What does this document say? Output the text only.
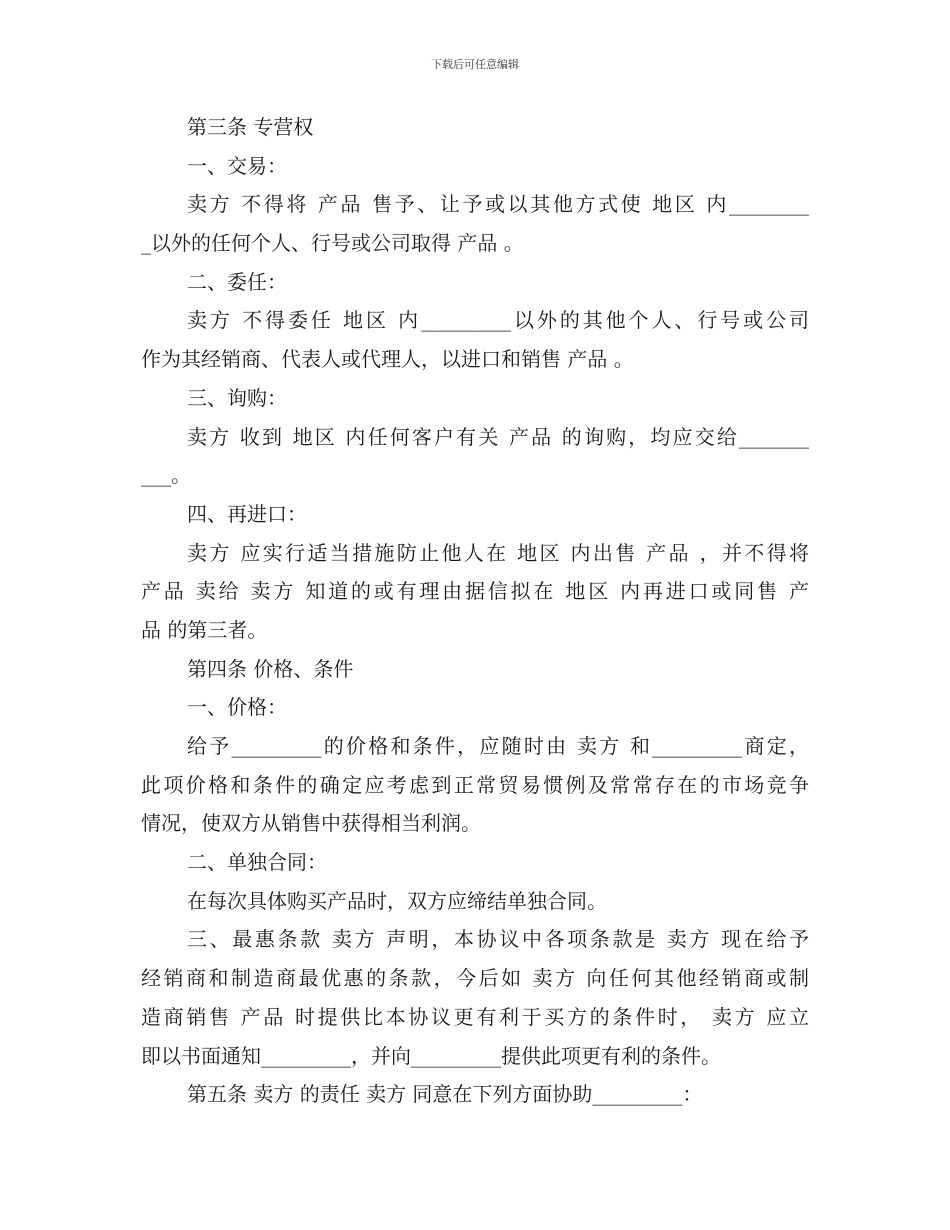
下载后可任意编辑
第三条 专营权
一、交易：
卖方 不得将 产品 售予、让予或以其他方式使 地区 内________
_以外的任何个人、行号或公司取得 产品 。
二、委任：
卖方 不得委任 地区 内_________以外的其他个人、行号或公司
作为其经销商、代表人或代理人，以进口和销售 产品 。
三、询购：
卖方 收到 地区 内任何客户有关 产品 的询购，均应交给_______
___。
四、再进口：
卖方 应实行适当措施防止他人在 地区 内出售 产品 ，并不得将
产品 卖给 卖方 知道的或有理由据信拟在 地区 内再进口或同售 产
品 的第三者。
第四条 价格、条件
一、价格：
给予_________的价格和条件，应随时由 卖方 和_________商定，
此项价格和条件的确定应考虑到正常贸易惯例及常常存在的市场竞争
情况，使双方从销售中获得相当利润。
二、单独合同：
在每次具体购买产品时，双方应缔结单独合同。
三、最惠条款 卖方 声明，本协议中各项条款是 卖方 现在给予
经销商和制造商最优惠的条款，今后如 卖方 向任何其他经销商或制
造商销售 产品 时提供比本协议更有利于买方的条件时， 卖方 应立
即以书面通知_________，并向_________提供此项更有利的条件。
第五条 卖方 的责任 卖方 同意在下列方面协助_________：
